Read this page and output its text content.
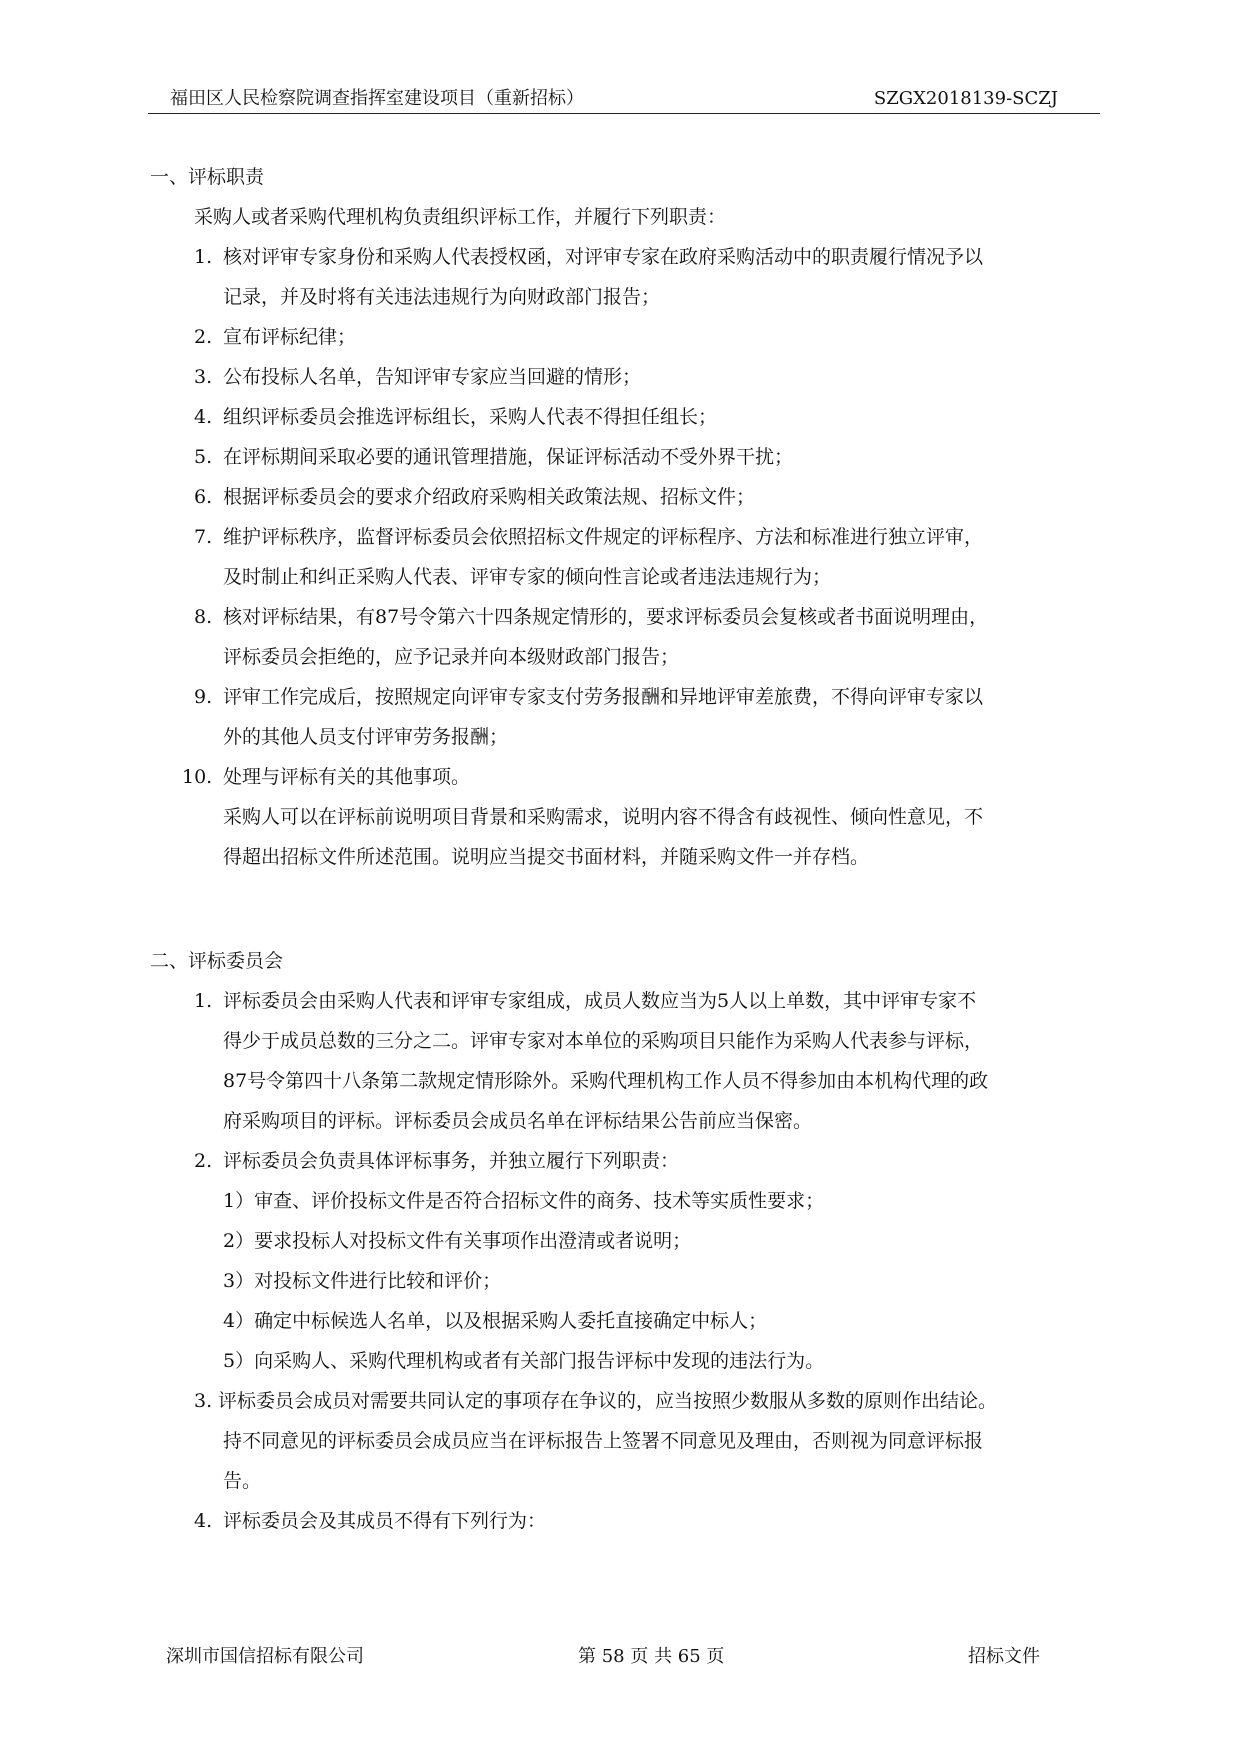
福田区人民检察院调查指挥室建设项目（重新招标）	SZGX2018139-SCZJ
一、评标职责
采购人或者采购代理机构负责组织评标工作，并履行下列职责：
1. 核对评审专家身份和采购人代表授权函，对评审专家在政府采购活动中的职责履行情况予以
记录，并及时将有关违法违规行为向财政部门报告；
2. 宣布评标纪律；
3. 公布投标人名单，告知评审专家应当回避的情形；
4. 组织评标委员会推选评标组长，采购人代表不得担任组长；
5. 在评标期间采取必要的通讯管理措施，保证评标活动不受外界干扰；
6. 根据评标委员会的要求介绍政府采购相关政策法规、招标文件；
7. 维护评标秩序，监督评标委员会依照招标文件规定的评标程序、方法和标准进行独立评审，
及时制止和纠正采购人代表、评审专家的倾向性言论或者违法违规行为；
8. 核对评标结果，有87号令第六十四条规定情形的，要求评标委员会复核或者书面说明理由，
评标委员会拒绝的，应予记录并向本级财政部门报告；
9. 评审工作完成后，按照规定向评审专家支付劳务报酬和异地评审差旅费，不得向评审专家以
外的其他人员支付评审劳务报酬；
10. 处理与评标有关的其他事项。
采购人可以在评标前说明项目背景和采购需求，说明内容不得含有歧视性、倾向性意见，不
得超出招标文件所述范围。说明应当提交书面材料，并随采购文件一并存档。
二、评标委员会
1. 评标委员会由采购人代表和评审专家组成，成员人数应当为5人以上单数，其中评审专家不
得少于成员总数的三分之二。评审专家对本单位的采购项目只能作为采购人代表参与评标，
87号令第四十八条第二款规定情形除外。采购代理机构工作人员不得参加由本机构代理的政
府采购项目的评标。评标委员会成员名单在评标结果公告前应当保密。
2. 评标委员会负责具体评标事务，并独立履行下列职责：
1）审查、评价投标文件是否符合招标文件的商务、技术等实质性要求；
2）要求投标人对投标文件有关事项作出澄清或者说明；
3）对投标文件进行比较和评价；
4）确定中标候选人名单，以及根据采购人委托直接确定中标人；
5）向采购人、采购代理机构或者有关部门报告评标中发现的违法行为。
3. 评标委员会成员对需要共同认定的事项存在争议的，应当按照少数服从多数的原则作出结论。
持不同意见的评标委员会成员应当在评标报告上签署不同意见及理由，否则视为同意评标报
告。
4. 评标委员会及其成员不得有下列行为：
深圳市国信招标有限公司	第 58 页 共 65 页	招标文件
